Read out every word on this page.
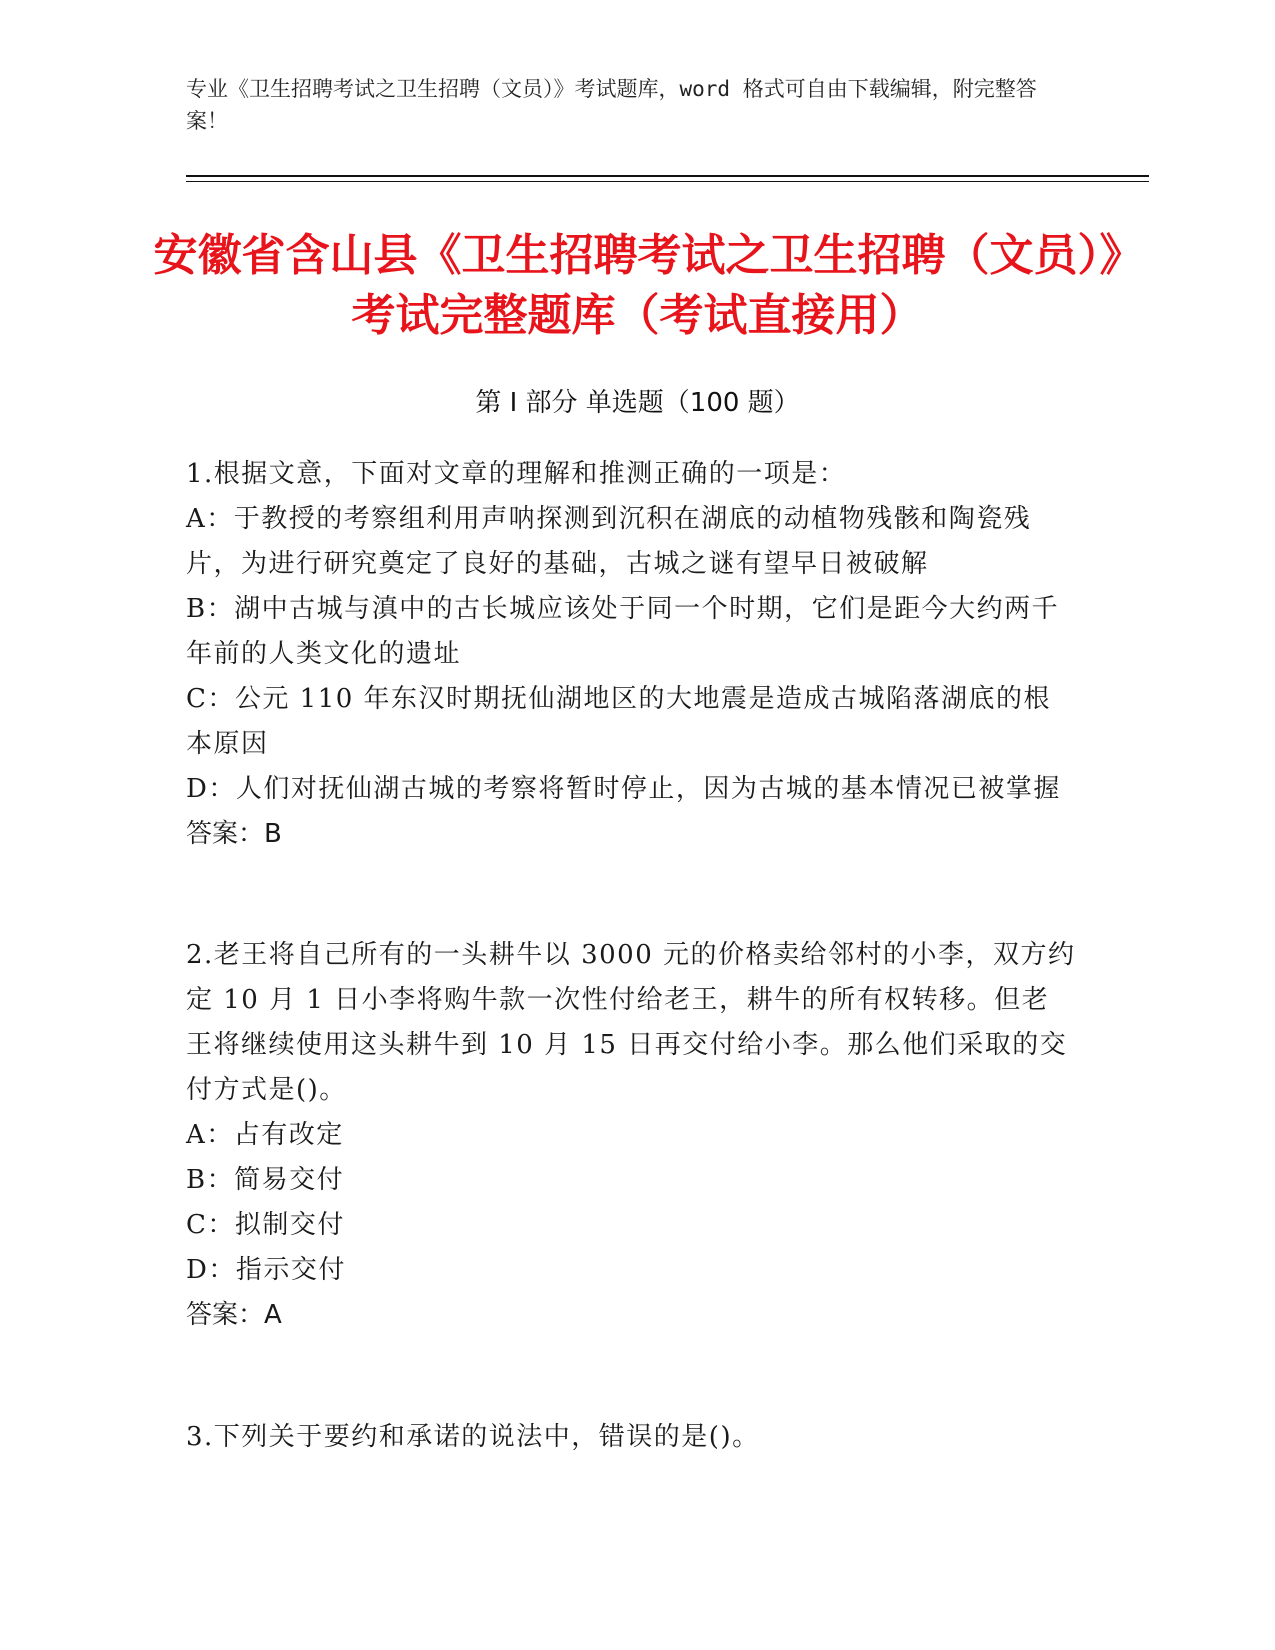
专业《卫生招聘考试之卫生招聘（文员）》考试题库，word 格式可自由下载编辑，附完整答案！
安徽省含山县《卫生招聘考试之卫生招聘（文员）》考试完整题库（考试直接用）
第 I 部分 单选题（100 题）
1.根据文意，下面对文章的理解和推测正确的一项是：
A：于教授的考察组利用声呐探测到沉积在湖底的动植物残骸和陶瓷残片，为进行研究奠定了良好的基础，古城之谜有望早日被破解
B：湖中古城与滇中的古长城应该处于同一个时期，它们是距今大约两千年前的人类文化的遗址
C：公元 110 年东汉时期抚仙湖地区的大地震是造成古城陷落湖底的根本原因
D：人们对抚仙湖古城的考察将暂时停止，因为古城的基本情况已被掌握
答案：B
2.老王将自己所有的一头耕牛以 3000 元的价格卖给邻村的小李，双方约定 10 月 1 日小李将购牛款一次性付给老王，耕牛的所有权转移。但老王将继续使用这头耕牛到 10 月 15 日再交付给小李。那么他们采取的交付方式是()。
A：占有改定
B：简易交付
C：拟制交付
D：指示交付
答案：A
3.下列关于要约和承诺的说法中，错误的是()。
